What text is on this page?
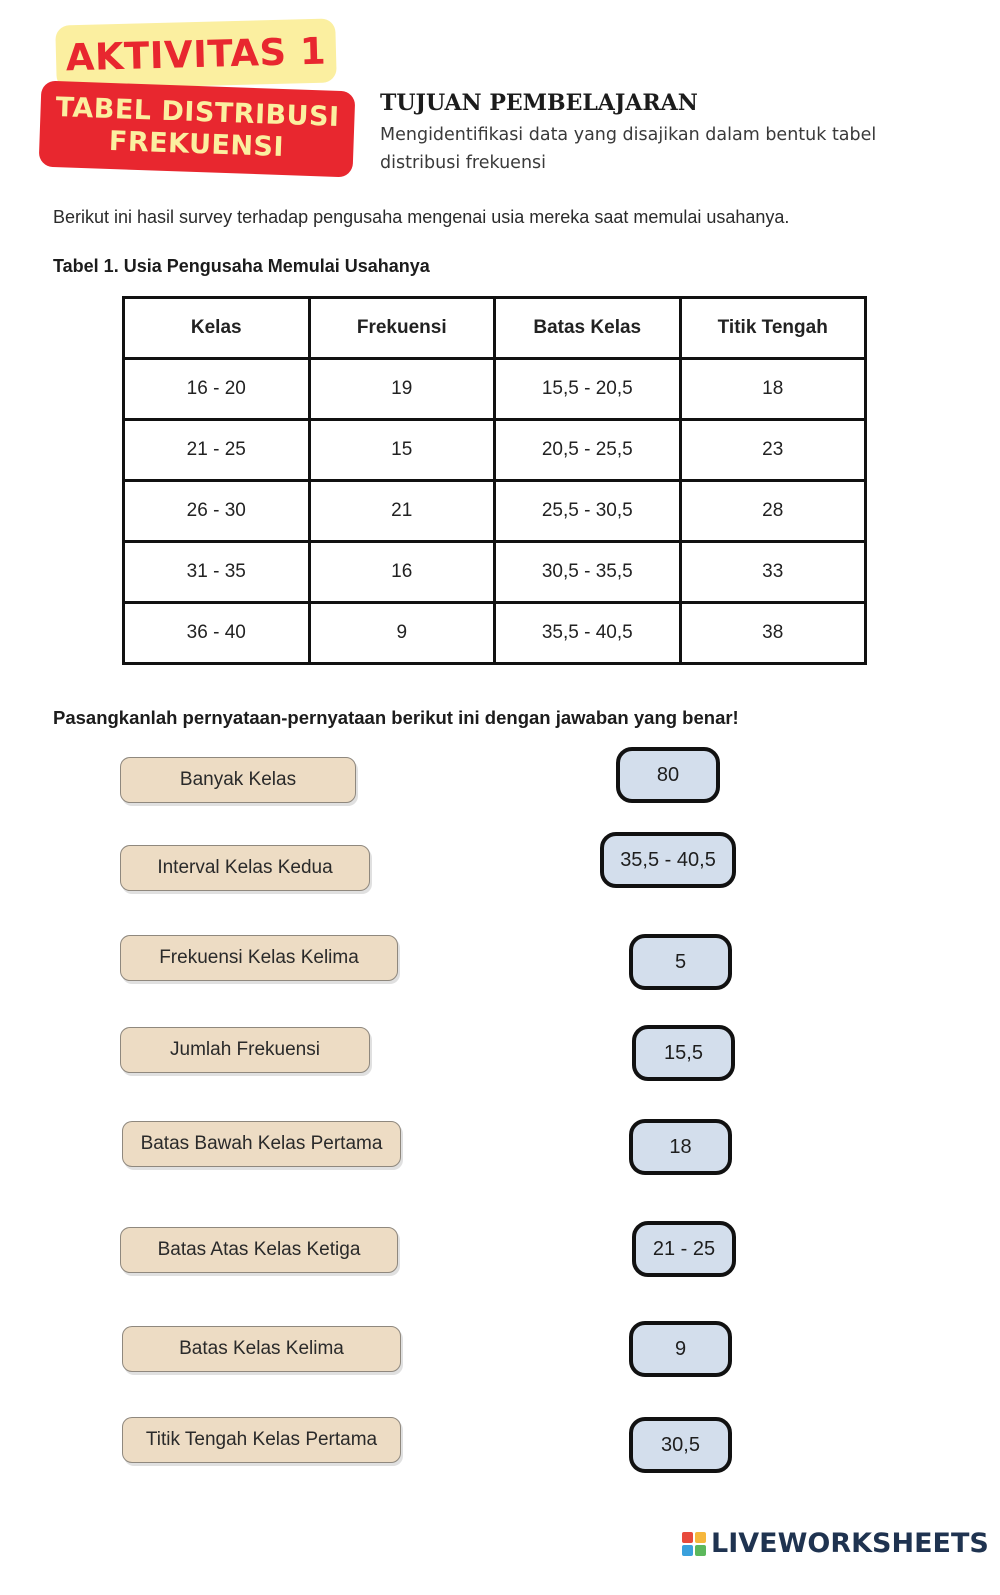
AKTIVITAS 1
TABEL DISTRIBUSI
FREKUENSI
TUJUAN PEMBELAJARAN
Mengidentifikasi data yang disajikan dalam bentuk tabel distribusi frekuensi
Berikut ini hasil survey terhadap pengusaha mengenai usia mereka saat memulai usahanya.
Tabel 1. Usia Pengusaha Memulai Usahanya
Kelas	Frekuensi	Batas Kelas	Titik Tengah
16 - 20	19	15,5 - 20,5	18
21 - 25	15	20,5 - 25,5	23
26 - 30	21	25,5 - 30,5	28
31 - 35	16	30,5 - 35,5	33
36 - 40	9	35,5 - 40,5	38
Pasangkanlah pernyataan-pernyataan berikut ini dengan jawaban yang benar!
Banyak Kelas
Interval Kelas Kedua
Frekuensi Kelas Kelima
Jumlah Frekuensi
Batas Bawah Kelas Pertama
Batas Atas Kelas Ketiga
Batas Kelas Kelima
Titik Tengah Kelas Pertama
80
35,5 - 40,5
5
15,5
18
21 - 25
9
30,5
LIVEWORKSHEETS
